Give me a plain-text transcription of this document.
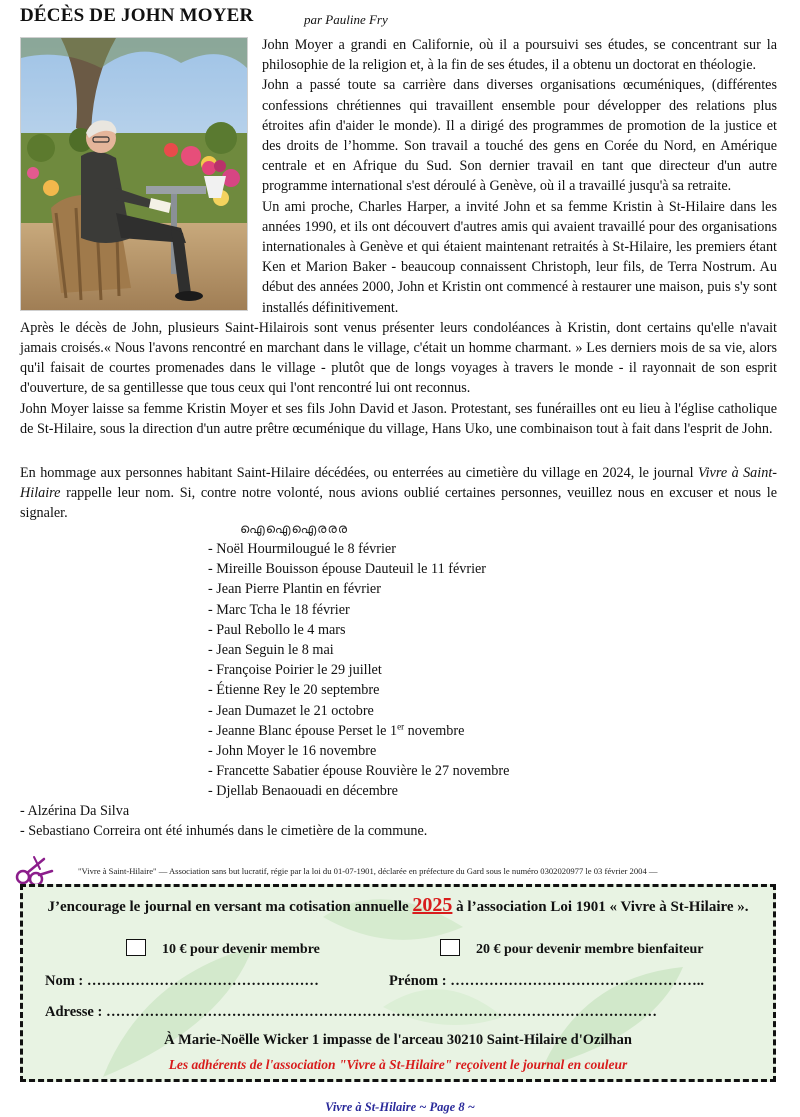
DÉCÈS DE JOHN MOYER	par Pauline Fry

John Moyer a grandi en Californie, où il a poursuivi ses études, se concentrant sur la philosophie de la religion et, à la fin de ses études, il a obtenu un doctorat en théologie.

John a passé toute sa carrière dans diverses organisations œcuméniques, (différentes confessions chrétiennes qui travaillent ensemble pour développer des relations plus étroites afin d'aider le monde). Il a dirigé des programmes de promotion de la justice et des droits de l’homme. Son travail a touché des gens en Corée du Nord, en Amérique centrale et en Afrique du Sud. Son dernier travail en tant que directeur d'un autre programme international s'est déroulé à Genève, où il a travaillé jusqu'à sa retraite.

Un ami proche, Charles Harper, a invité John et sa femme Kristin à St-Hilaire dans les années 1990, et ils ont découvert d'autres amis qui avaient travaillé pour des organisations internationales à Genève et qui étaient maintenant retraités à St-Hilaire, les premiers étant Ken et Marion Baker - beaucoup connaissent Christoph, leur fils, de Terra Nostrum. Au début des années 2000, John et Kristin ont commencé à restaurer une maison, puis s'y sont installés définitivement.

Après le décès de John, plusieurs Saint-Hilairois sont venus présenter leurs condoléances à Kristin, dont certains qu'elle n'avait jamais croisés.« Nous l'avons rencontré en marchant dans le village, c'était un homme charmant. » Les derniers mois de sa vie, alors qu'il faisait de courtes promenades dans le village - plutôt que de longs voyages à travers le monde - il rayonnait de son esprit d'ouverture, de sa gentillesse que tous ceux qui l'ont rencontré lui ont reconnus.

John Moyer laisse sa femme Kristin Moyer et ses fils John David et Jason. Protestant, ses funérailles ont eu lieu à l'église catholique de St-Hilaire, sous la direction d'un autre prêtre œcuménique du village, Hans Uko, une combinaison tout à fait dans l'esprit de John.

En hommage aux personnes habitant Saint-Hilaire décédées, ou enterrées au cimetière du village en 2024, le journal Vivre à Saint-Hilaire rappelle leur nom. Si, contre notre volonté, nous avions oublié certaines personnes, veuillez nous en excuser et nous le signaler.

ഐഐഐരരര
- Noël Hourmilougué le 8 février
- Mireille Bouisson épouse Dauteuil le 11 février
- Jean Pierre Plantin en février
- Marc Tcha le 18 février
- Paul Rebollo le 4 mars
- Jean Seguin le 8 mai
- Françoise Poirier le 29 juillet
- Étienne Rey le 20 septembre
- Jean Dumazet le 21 octobre
- Jeanne Blanc épouse Perset le 1er novembre
- John Moyer le 16 novembre
- Francette Sabatier épouse Rouvière le 27 novembre
- Djellab Benaouadi en décembre
- Alzérina Da Silva
- Sebastiano Correira ont été inhumés dans le cimetière de la commune.
"Vivre à Saint-Hilaire" — Association sans but lucratif, régie par la loi du 01-07-1901, déclarée en préfecture du Gard sous le numéro 0302020977 le 03 février 2004 —
J’encourage le journal en versant ma cotisation annuelle 2025 à l’association Loi 1901 « Vivre à St-Hilaire ».
10 € pour devenir membre	20 € pour devenir membre bienfaiteur
Nom : …………………………………………	Prénom : ……………………………………………..
Adresse : ……………………………………………………………………………………………………
À Marie-Noëlle Wicker 1 impasse de l'arceau 30210 Saint-Hilaire d'Ozilhan
Les adhérents de l'association "Vivre à St-Hilaire" reçoivent le journal en couleur
Vivre à St-Hilaire ~ Page 8 ~
